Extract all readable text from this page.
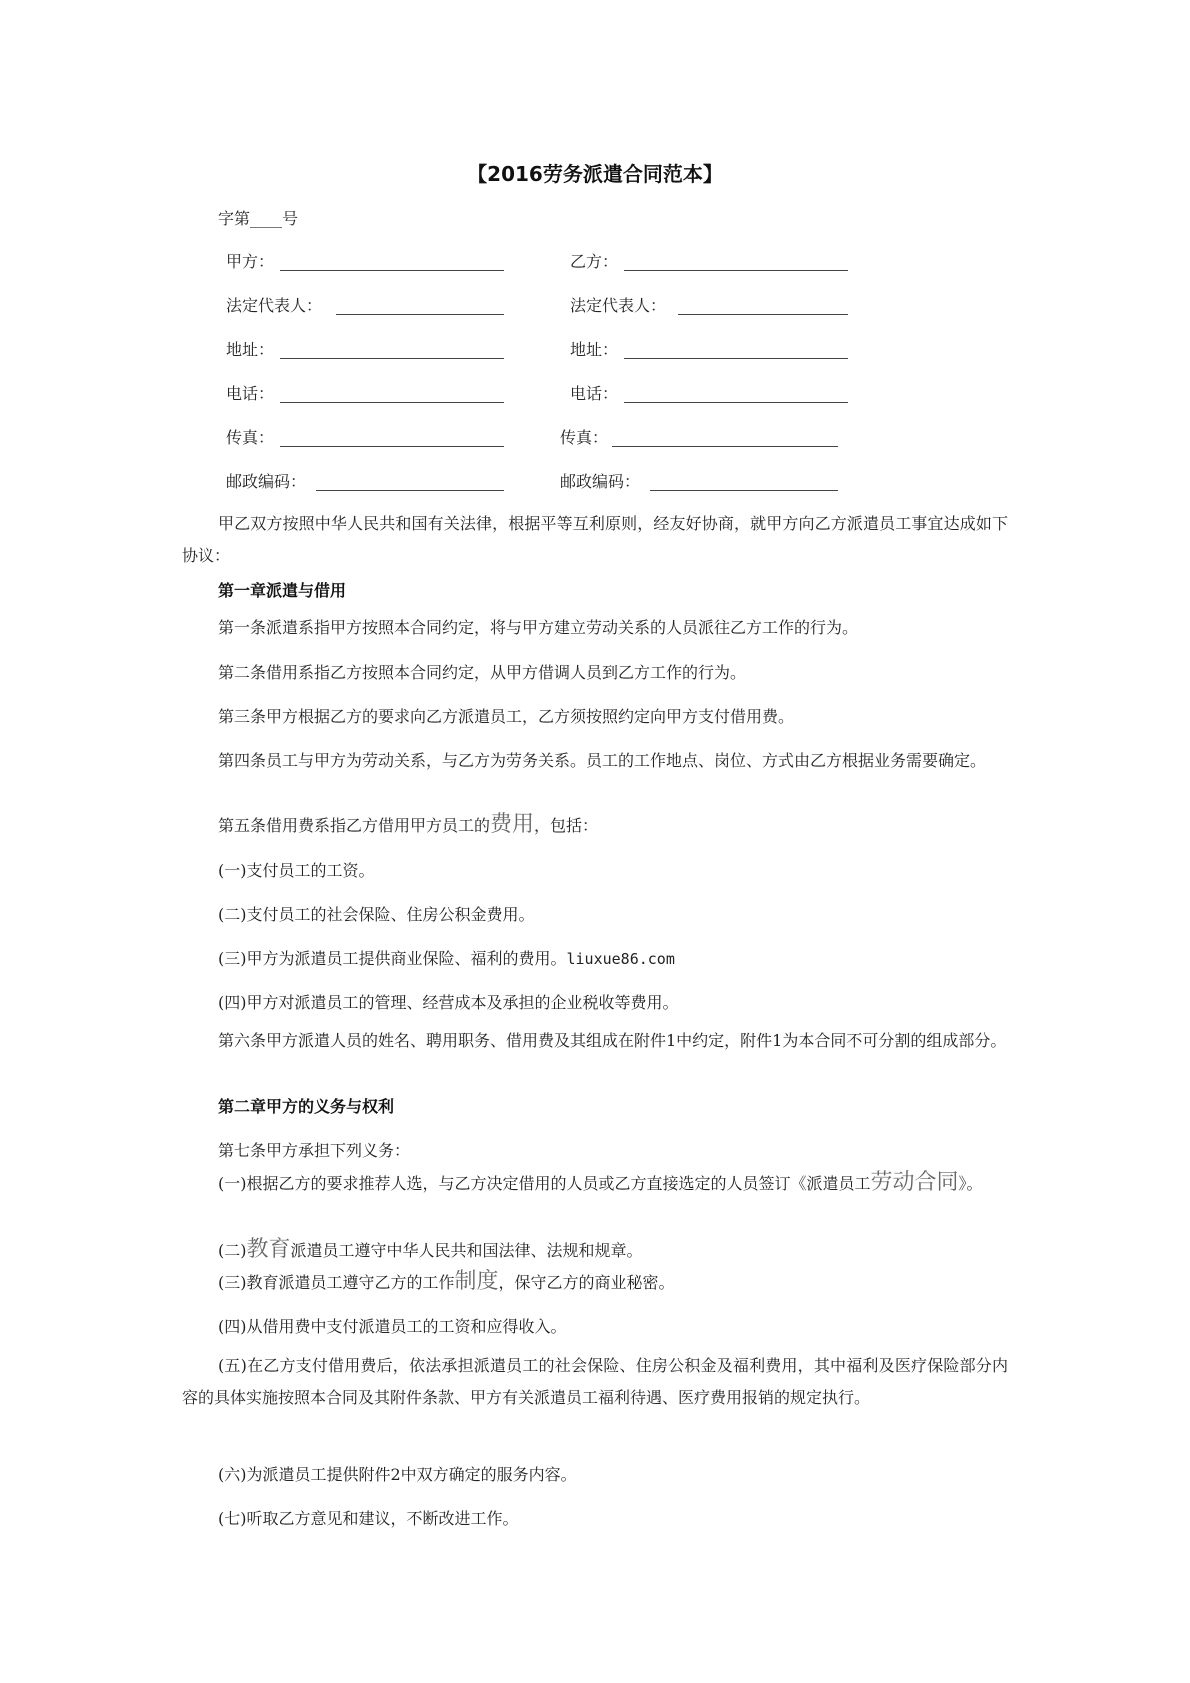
【2016劳务派遣合同范本】
字第____号
甲方：	乙方：
法定代表人：	法定代表人：
地址：	地址：
电话：	电话：
传真：	传真：
邮政编码：	邮政编码：

甲乙双方按照中华人民共和国有关法律，根据平等互利原则，经友好协商，就甲方向乙方派遣员工事宜达成如下协议：

第一章派遣与借用

第一条派遣系指甲方按照本合同约定，将与甲方建立劳动关系的人员派往乙方工作的行为。

第二条借用系指乙方按照本合同约定，从甲方借调人员到乙方工作的行为。

第三条甲方根据乙方的要求向乙方派遣员工，乙方须按照约定向甲方支付借用费。

第四条员工与甲方为劳动关系，与乙方为劳务关系。员工的工作地点、岗位、方式由乙方根据业务需要确定。

第五条借用费系指乙方借用甲方员工的费用，包括：

(一)支付员工的工资。
(二)支付员工的社会保险、住房公积金费用。
(三)甲方为派遣员工提供商业保险、福利的费用。liuxue86.com
(四)甲方对派遣员工的管理、经营成本及承担的企业税收等费用。

第六条甲方派遣人员的姓名、聘用职务、借用费及其组成在附件1中约定，附件1为本合同不可分割的组成部分。

第二章甲方的义务与权利
第七条甲方承担下列义务：

(一)根据乙方的要求推荐人选，与乙方决定借用的人员或乙方直接选定的人员签订《派遣员工劳动合同》。

(二)教育派遣员工遵守中华人民共和国法律、法规和规章。
(三)教育派遣员工遵守乙方的工作制度，保守乙方的商业秘密。
(四)从借用费中支付派遣员工的工资和应得收入。

(五)在乙方支付借用费后，依法承担派遣员工的社会保险、住房公积金及福利费用，其中福利及医疗保险部分内容的具体实施按照本合同及其附件条款、甲方有关派遣员工福利待遇、医疗费用报销的规定执行。

(六)为派遣员工提供附件2中双方确定的服务内容。
(七)听取乙方意见和建议，不断改进工作。
